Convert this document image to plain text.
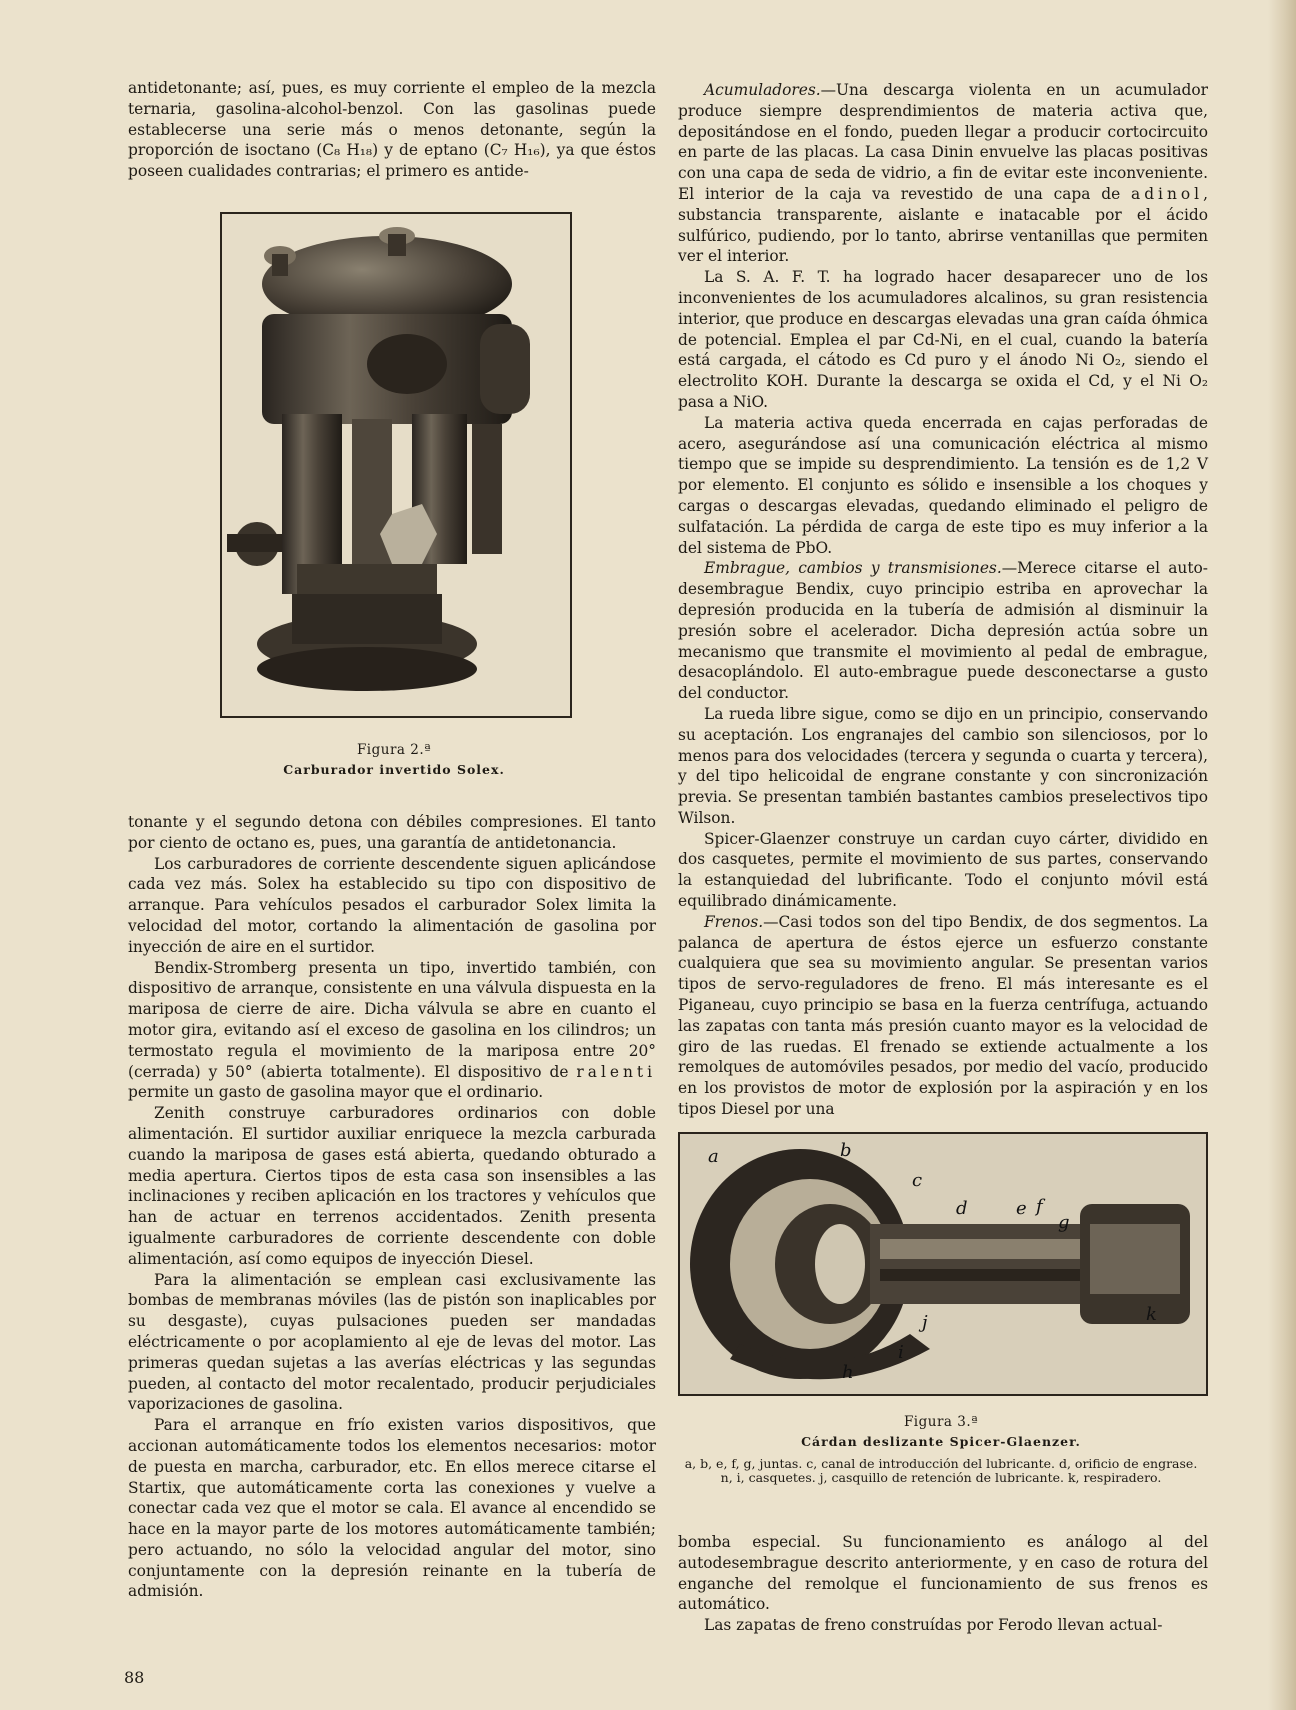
antidetonante; así, pues, es muy corriente el empleo de la mezcla ternaria, gasolina-alcohol-benzol. Con las gasolinas puede establecerse una serie más o menos detonante, según la proporción de isoctano (C₈ H₁₈) y de eptano (C₇ H₁₆), ya que éstos poseen cualidades contrarias; el primero es antide-

Figura 2.ª
Carburador invertido Solex.

tonante y el segundo detona con débiles compresiones. El tanto por ciento de octano es, pues, una garantía de antidetonancia.

Los carburadores de corriente descendente siguen aplicándose cada vez más. Solex ha establecido su tipo con dispositivo de arranque. Para vehículos pesados el carburador Solex limita la velocidad del motor, cortando la alimentación de gasolina por inyección de aire en el surtidor.

Bendix-Stromberg presenta un tipo, invertido también, con dispositivo de arranque, consistente en una válvula dispuesta en la mariposa de cierre de aire. Dicha válvula se abre en cuanto el motor gira, evitando así el exceso de gasolina en los cilindros; un termostato regula el movimiento de la mariposa entre 20° (cerrada) y 50° (abierta totalmente). El dispositivo de ralenti permite un gasto de gasolina mayor que el ordinario.

Zenith construye carburadores ordinarios con doble alimentación. El surtidor auxiliar enriquece la mezcla carburada cuando la mariposa de gases está abierta, quedando obturado a media apertura. Ciertos tipos de esta casa son insensibles a las inclinaciones y reciben aplicación en los tractores y vehículos que han de actuar en terrenos accidentados. Zenith presenta igualmente carburadores de corriente descendente con doble alimentación, así como equipos de inyección Diesel.

Para la alimentación se emplean casi exclusivamente las bombas de membranas móviles (las de pistón son inaplicables por su desgaste), cuyas pulsaciones pueden ser mandadas eléctricamente o por acoplamiento al eje de levas del motor. Las primeras quedan sujetas a las averías eléctricas y las segundas pueden, al contacto del motor recalentado, producir perjudiciales vaporizaciones de gasolina.

Para el arranque en frío existen varios dispositivos, que accionan automáticamente todos los elementos necesarios: motor de puesta en marcha, carburador, etc. En ellos merece citarse el Startix, que automáticamente corta las conexiones y vuelve a conectar cada vez que el motor se cala. El avance al encendido se hace en la mayor parte de los motores automáticamente también; pero actuando, no sólo la velocidad angular del motor, sino conjuntamente con la depresión reinante en la tubería de admisión.

Acumuladores.—Una descarga violenta en un acumulador produce siempre desprendimientos de materia activa que, depositándose en el fondo, pueden llegar a producir cortocircuito en parte de las placas. La casa Dinin envuelve las placas positivas con una capa de seda de vidrio, a fin de evitar este inconveniente. El interior de la caja va revestido de una capa de adinol, substancia transparente, aislante e inatacable por el ácido sulfúrico, pudiendo, por lo tanto, abrirse ventanillas que permiten ver el interior.

La S. A. F. T. ha logrado hacer desaparecer uno de los inconvenientes de los acumuladores alcalinos, su gran resistencia interior, que produce en descargas elevadas una gran caída óhmica de potencial. Emplea el par Cd-Ni, en el cual, cuando la batería está cargada, el cátodo es Cd puro y el ánodo Ni O₂, siendo el electrolito KOH. Durante la descarga se oxida el Cd, y el Ni O₂ pasa a NiO.

La materia activa queda encerrada en cajas perforadas de acero, asegurándose así una comunicación eléctrica al mismo tiempo que se impide su desprendimiento. La tensión es de 1,2 V por elemento. El conjunto es sólido e insensible a los choques y cargas o descargas elevadas, quedando eliminado el peligro de sulfatación. La pérdida de carga de este tipo es muy inferior a la del sistema de PbO.

Embrague, cambios y transmisiones.—Merece citarse el auto-desembrague Bendix, cuyo principio estriba en aprovechar la depresión producida en la tubería de admisión al disminuir la presión sobre el acelerador. Dicha depresión actúa sobre un mecanismo que transmite el movimiento al pedal de embrague, desacoplándolo. El auto-embrague puede desconectarse a gusto del conductor.

La rueda libre sigue, como se dijo en un principio, conservando su aceptación. Los engranajes del cambio son silenciosos, por lo menos para dos velocidades (tercera y segunda o cuarta y tercera), y del tipo helicoidal de engrane constante y con sincronización previa. Se presentan también bastantes cambios preselectivos tipo Wilson.

Spicer-Glaenzer construye un cardan cuyo cárter, dividido en dos casquetes, permite el movimiento de sus partes, conservando la estanquiedad del lubrificante. Todo el conjunto móvil está equilibrado dinámicamente.

Frenos.—Casi todos son del tipo Bendix, de dos segmentos. La palanca de apertura de éstos ejerce un esfuerzo constante cualquiera que sea su movimiento angular. Se presentan varios tipos de servo-reguladores de freno. El más interesante es el Piganeau, cuyo principio se basa en la fuerza centrífuga, actuando las zapatas con tanta más presión cuanto mayor es la velocidad de giro de las ruedas. El frenado se extiende actualmente a los remolques de automóviles pesados, por medio del vacío, producido en los provistos de motor de explosión por la aspiración y en los tipos Diesel por una

a	b
c
d	e f
g
j
i
h
k
Figura 3.ª
Cárdan deslizante Spicer-Glaenzer.
a, b, e, f, g, juntas. c, canal de introducción del lubricante. d, orificio de engrase. n, i, casquetes. j, casquillo de retención de lubricante. k, respiradero.

bomba especial. Su funcionamiento es análogo al del autodesembrague descrito anteriormente, y en caso de rotura del enganche del remolque el funcionamiento de sus frenos es automático.

Las zapatas de freno construídas por Ferodo llevan actual-

88
